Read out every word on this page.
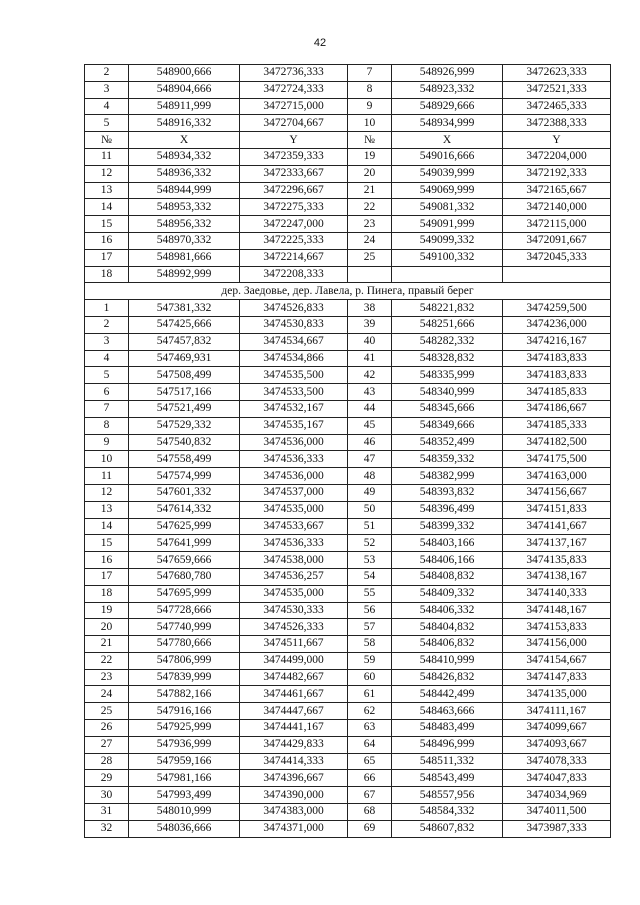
42
2	548900,666	3472736,333	7	548926,999	3472623,333
3	548904,666	3472724,333	8	548923,332	3472521,333
4	548911,999	3472715,000	9	548929,666	3472465,333
5	548916,332	3472704,667	10	548934,999	3472388,333
№	X	Y	№	X	Y
11	548934,332	3472359,333	19	549016,666	3472204,000
12	548936,332	3472333,667	20	549039,999	3472192,333
13	548944,999	3472296,667	21	549069,999	3472165,667
14	548953,332	3472275,333	22	549081,332	3472140,000
15	548956,332	3472247,000	23	549091,999	3472115,000
16	548970,332	3472225,333	24	549099,332	3472091,667
17	548981,666	3472214,667	25	549100,332	3472045,333
18	548992,999	3472208,333			
дер. Заедовье, дер. Лавела, р. Пинега, правый берег					
1	547381,332	3474526,833	38	548221,832	3474259,500
2	547425,666	3474530,833	39	548251,666	3474236,000
3	547457,832	3474534,667	40	548282,332	3474216,167
4	547469,931	3474534,866	41	548328,832	3474183,833
5	547508,499	3474535,500	42	548335,999	3474183,833
6	547517,166	3474533,500	43	548340,999	3474185,833
7	547521,499	3474532,167	44	548345,666	3474186,667
8	547529,332	3474535,167	45	548349,666	3474185,333
9	547540,832	3474536,000	46	548352,499	3474182,500
10	547558,499	3474536,333	47	548359,332	3474175,500
11	547574,999	3474536,000	48	548382,999	3474163,000
12	547601,332	3474537,000	49	548393,832	3474156,667
13	547614,332	3474535,000	50	548396,499	3474151,833
14	547625,999	3474533,667	51	548399,332	3474141,667
15	547641,999	3474536,333	52	548403,166	3474137,167
16	547659,666	3474538,000	53	548406,166	3474135,833
17	547680,780	3474536,257	54	548408,832	3474138,167
18	547695,999	3474535,000	55	548409,332	3474140,333
19	547728,666	3474530,333	56	548406,332	3474148,167
20	547740,999	3474526,333	57	548404,832	3474153,833
21	547780,666	3474511,667	58	548406,832	3474156,000
22	547806,999	3474499,000	59	548410,999	3474154,667
23	547839,999	3474482,667	60	548426,832	3474147,833
24	547882,166	3474461,667	61	548442,499	3474135,000
25	547916,166	3474447,667	62	548463,666	3474111,167
26	547925,999	3474441,167	63	548483,499	3474099,667
27	547936,999	3474429,833	64	548496,999	3474093,667
28	547959,166	3474414,333	65	548511,332	3474078,333
29	547981,166	3474396,667	66	548543,499	3474047,833
30	547993,499	3474390,000	67	548557,956	3474034,969
31	548010,999	3474383,000	68	548584,332	3474011,500
32	548036,666	3474371,000	69	548607,832	3473987,333
